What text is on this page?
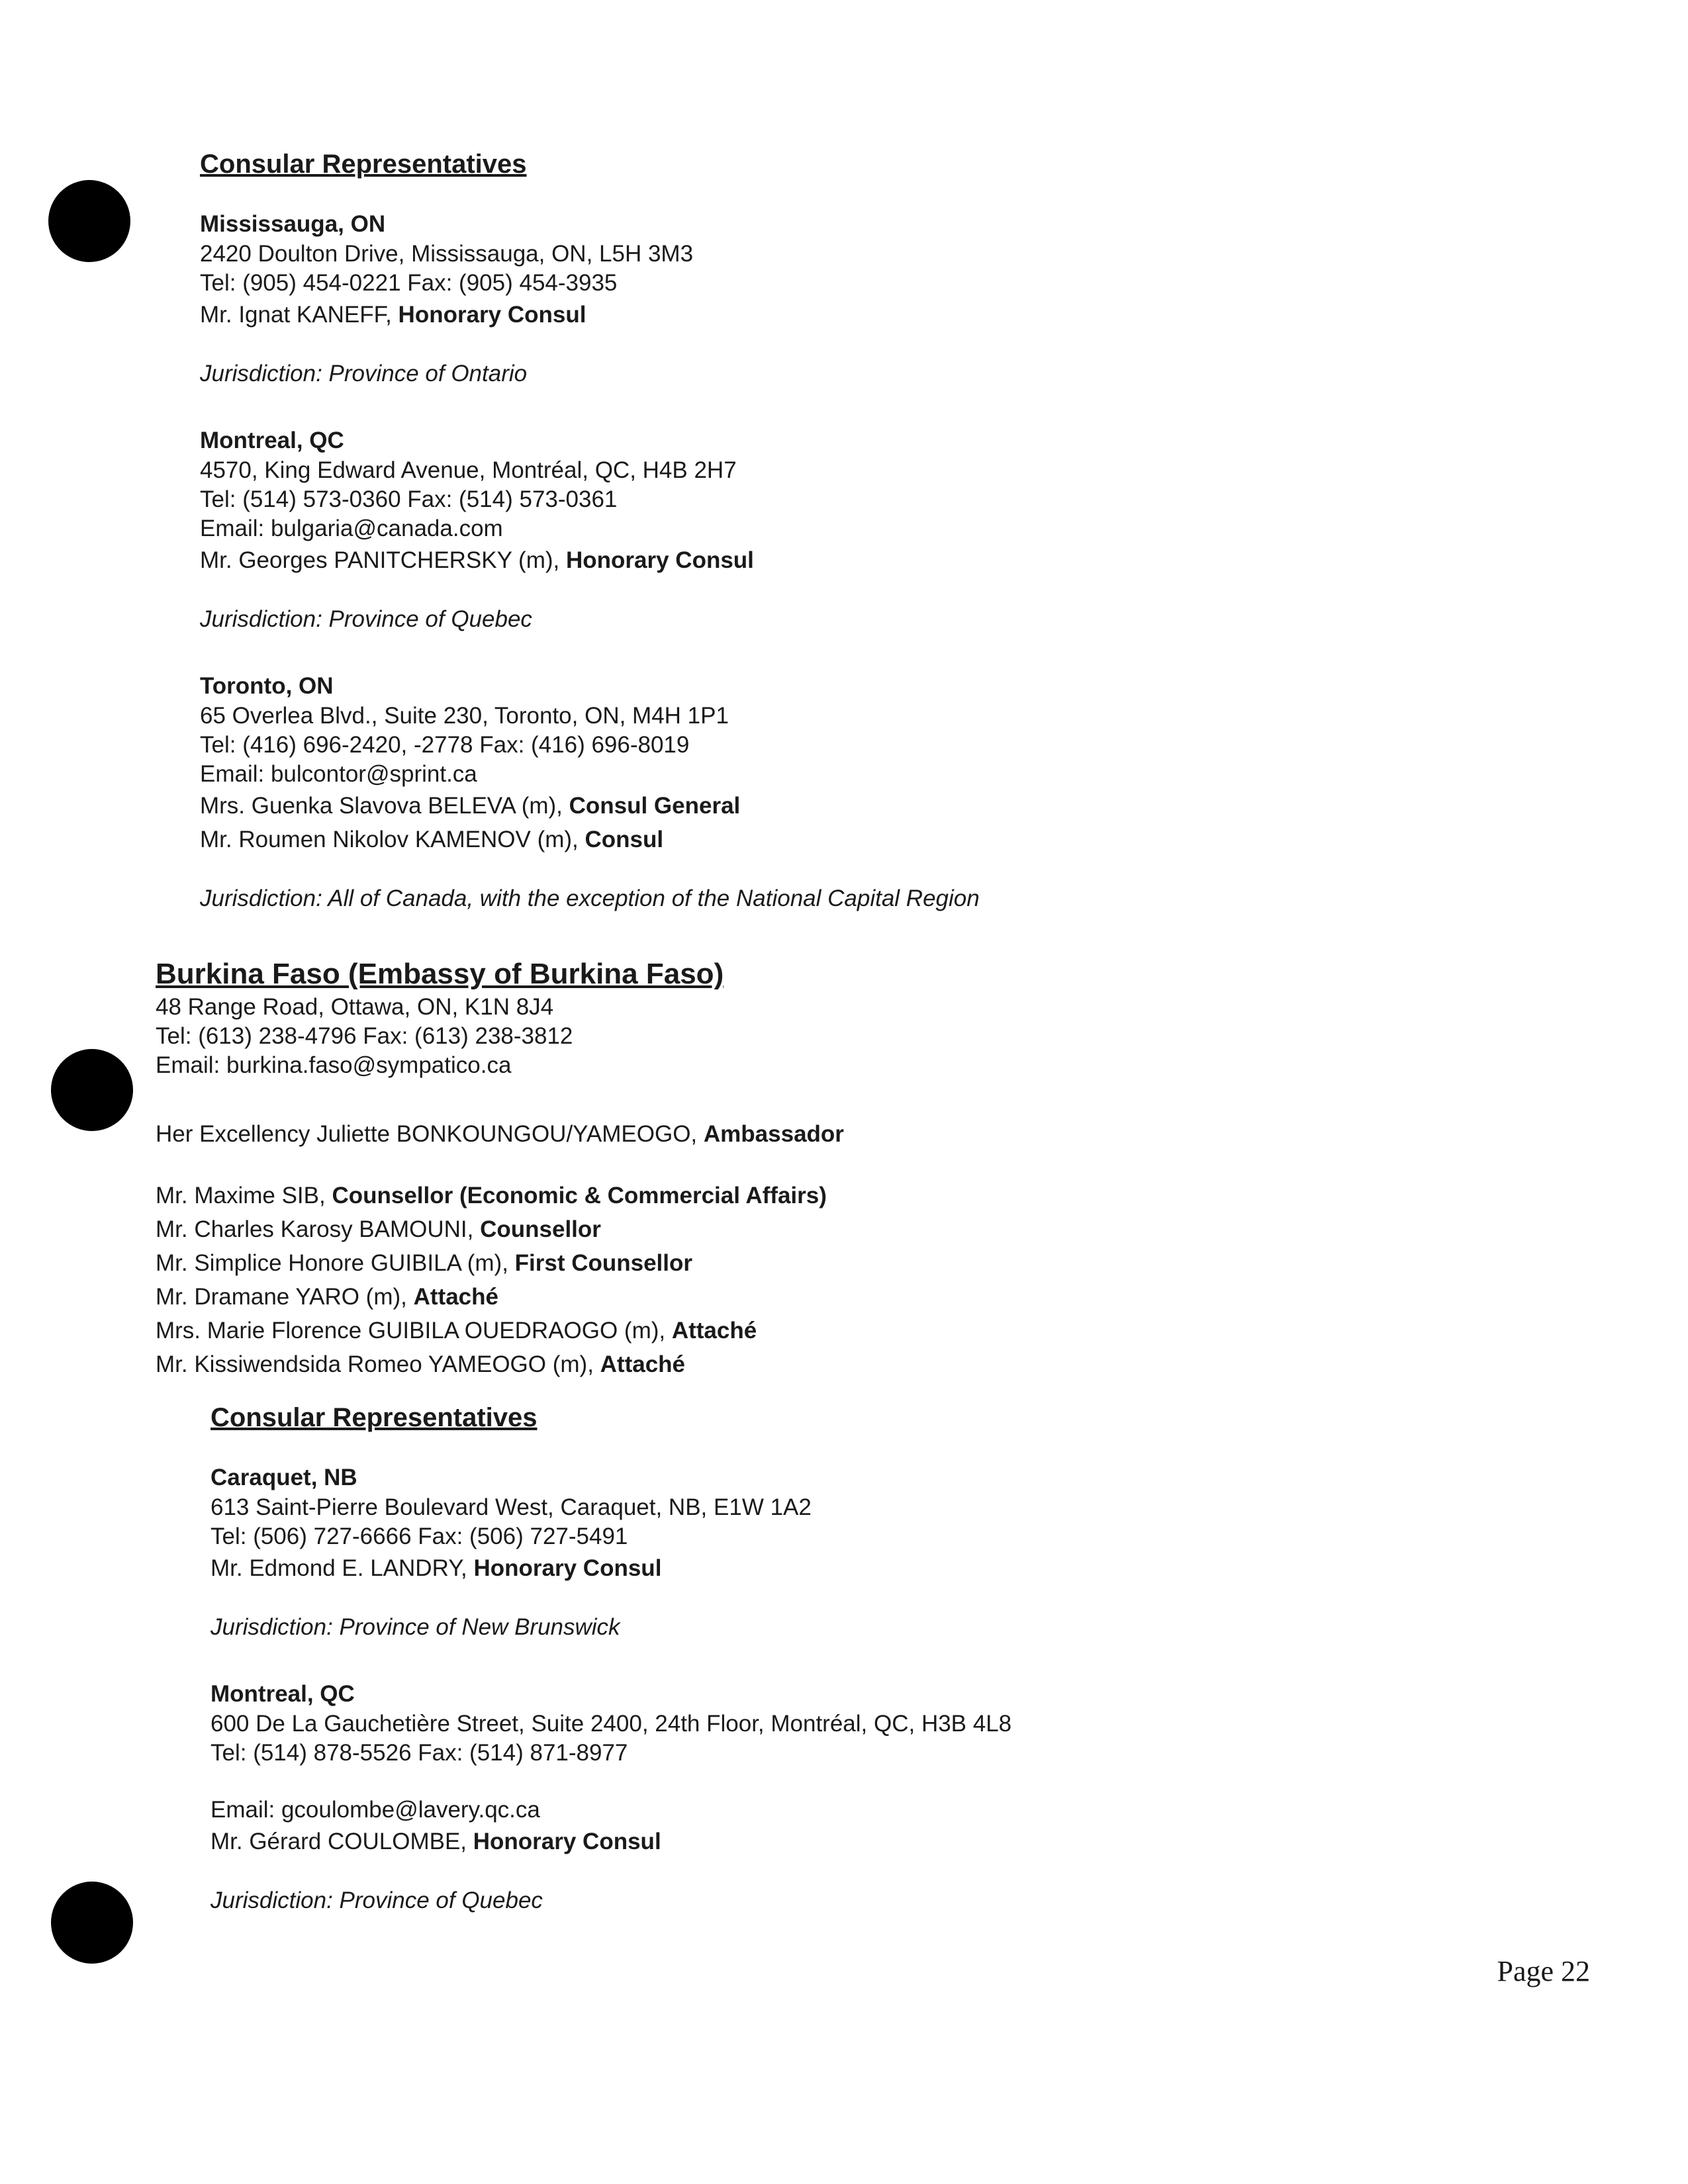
Consular Representatives
Mississauga, ON
2420 Doulton Drive, Mississauga, ON, L5H 3M3
Tel: (905) 454-0221 Fax: (905) 454-3935
Mr. Ignat KANEFF, Honorary Consul
Jurisdiction: Province of Ontario
Montreal, QC
4570, King Edward Avenue, Montréal, QC, H4B 2H7
Tel: (514) 573-0360 Fax: (514) 573-0361
Email: bulgaria@canada.com
Mr. Georges PANITCHERSKY (m), Honorary Consul
Jurisdiction: Province of Quebec
Toronto, ON
65 Overlea Blvd., Suite 230, Toronto, ON, M4H 1P1
Tel: (416) 696-2420, -2778 Fax: (416) 696-8019
Email: bulcontor@sprint.ca
Mrs. Guenka Slavova BELEVA (m), Consul General
Mr. Roumen Nikolov KAMENOV (m), Consul
Jurisdiction: All of Canada, with the exception of the National Capital Region
Burkina Faso (Embassy of Burkina Faso)
48 Range Road, Ottawa, ON, K1N 8J4
Tel: (613) 238-4796 Fax: (613) 238-3812
Email: burkina.faso@sympatico.ca
Her Excellency Juliette BONKOUNGOU/YAMEOGO, Ambassador
Mr. Maxime SIB, Counsellor (Economic & Commercial Affairs)
Mr. Charles Karosy BAMOUNI, Counsellor
Mr. Simplice Honore GUIBILA (m), First Counsellor
Mr. Dramane YARO (m), Attaché
Mrs. Marie Florence GUIBILA OUEDRAOGO (m), Attaché
Mr. Kissiwendsida Romeo YAMEOGO (m), Attaché
Consular Representatives
Caraquet, NB
613 Saint-Pierre Boulevard West, Caraquet, NB, E1W 1A2
Tel: (506) 727-6666 Fax: (506) 727-5491
Mr. Edmond E. LANDRY, Honorary Consul
Jurisdiction: Province of New Brunswick
Montreal, QC
600 De La Gauchetière Street, Suite 2400, 24th Floor, Montréal, QC, H3B 4L8
Tel: (514) 878-5526 Fax: (514) 871-8977
Email: gcoulombe@lavery.qc.ca
Mr. Gérard COULOMBE, Honorary Consul
Jurisdiction: Province of Quebec
Page 22
